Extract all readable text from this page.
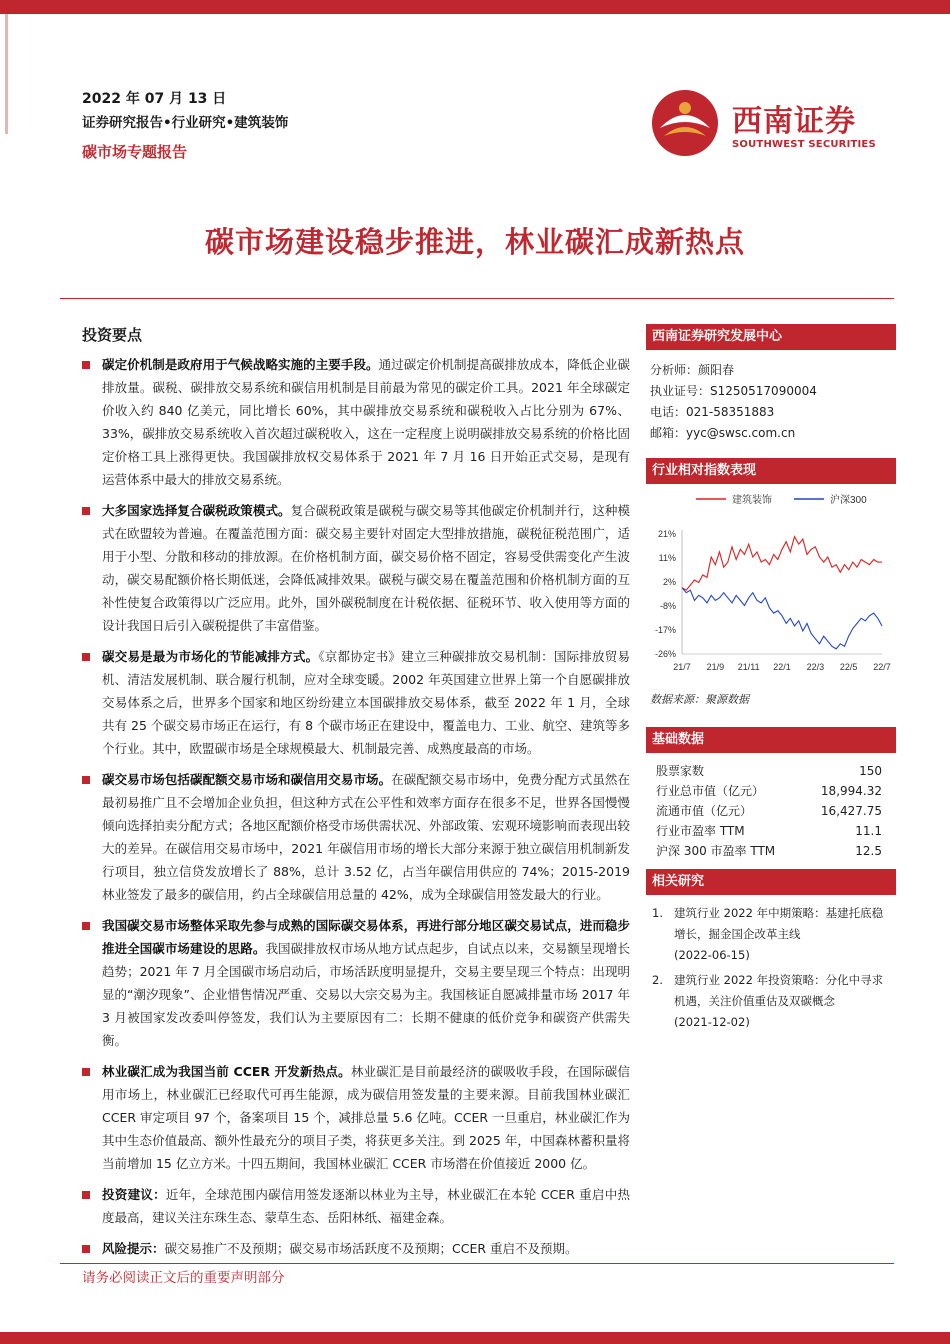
2022 年 07 月 13 日
证券研究报告•行业研究•建筑装饰
碳市场专题报告
西南证券
SOUTHWEST SECURITIES
碳市场建设稳步推进，林业碳汇成新热点
投资要点
碳定价机制是政府用于气候战略实施的主要手段。通过碳定价机制提高碳排放成本，降低企业碳排放量。碳税、碳排放交易系统和碳信用机制是目前最为常见的碳定价工具。2021 年全球碳定价收入约 840 亿美元，同比增长 60%，其中碳排放交易系统和碳税收入占比分别为 67%、33%，碳排放交易系统收入首次超过碳税收入，这在一定程度上说明碳排放交易系统的价格比固定价格工具上涨得更快。我国碳排放权交易体系于 2021 年 7 月 16 日开始正式交易，是现有运营体系中最大的排放交易系统。
大多国家选择复合碳税政策模式。复合碳税政策是碳税与碳交易等其他碳定价机制并行，这种模式在欧盟较为普遍。在覆盖范围方面：碳交易主要针对固定大型排放措施，碳税征税范围广，适用于小型、分散和移动的排放源。在价格机制方面，碳交易价格不固定，容易受供需变化产生波动，碳交易配额价格长期低迷，会降低减排效果。碳税与碳交易在覆盖范围和价格机制方面的互补性使复合政策得以广泛应用。此外，国外碳税制度在计税依据、征税环节、收入使用等方面的设计我国日后引入碳税提供了丰富借鉴。
碳交易是最为市场化的节能减排方式。《京都协定书》建立三种碳排放交易机制：国际排放贸易机、清洁发展机制、联合履行机制，应对全球变暖。2002 年英国建立世界上第一个自愿碳排放交易体系之后，世界多个国家和地区纷纷建立本国碳排放交易体系，截至 2022 年 1 月，全球共有 25 个碳交易市场正在运行，有 8 个碳市场正在建设中，覆盖电力、工业、航空、建筑等多个行业。其中，欧盟碳市场是全球规模最大、机制最完善、成熟度最高的市场。
碳交易市场包括碳配额交易市场和碳信用交易市场。在碳配额交易市场中，免费分配方式虽然在最初易推广且不会增加企业负担，但这种方式在公平性和效率方面存在很多不足，世界各国慢慢倾向选择拍卖分配方式；各地区配额价格受市场供需状况、外部政策、宏观环境影响而表现出较大的差异。在碳信用交易市场中，2021 年碳信用市场的增长大部分来源于独立碳信用机制新发行项目，独立信贷发放增长了 88%，总计 3.52 亿，占当年碳信用供应的 74%；2015-2019 林业签发了最多的碳信用，约占全球碳信用总量的 42%，成为全球碳信用签发最大的行业。
我国碳交易市场整体采取先参与成熟的国际碳交易体系，再进行部分地区碳交易试点，进而稳步推进全国碳市场建设的思路。我国碳排放权市场从地方试点起步，自试点以来，交易额呈现增长趋势；2021 年 7 月全国碳市场启动后，市场活跃度明显提升，交易主要呈现三个特点：出现明显的“潮汐现象”、企业惜售情况严重、交易以大宗交易为主。我国核证自愿减排量市场 2017 年 3 月被国家发改委叫停签发，我们认为主要原因有二：长期不健康的低价竞争和碳资产供需失衡。
林业碳汇成为我国当前 CCER 开发新热点。林业碳汇是目前最经济的碳吸收手段，在国际碳信用市场上，林业碳汇已经取代可再生能源，成为碳信用签发量的主要来源。目前我国林业碳汇 CCER 审定项目 97 个，备案项目 15 个，减排总量 5.6 亿吨。CCER 一旦重启，林业碳汇作为其中生态价值最高、额外性最充分的项目子类，将获更多关注。到 2025 年，中国森林蓄积量将当前增加 15 亿立方米。十四五期间，我国林业碳汇 CCER 市场潜在价值接近 2000 亿。
投资建议：近年，全球范围内碳信用签发逐渐以林业为主导，林业碳汇在本轮 CCER 重启中热度最高，建议关注东珠生态、蒙草生态、岳阳林纸、福建金森。
风险提示：碳交易推广不及预期；碳交易市场活跃度不及预期；CCER 重启不及预期。
西南证券研究发展中心
分析师：颜阳春
执业证号：S1250517090004
电话：021-58351883
邮箱：yyc@swsc.com.cn
行业相对指数表现
21%
11%
2%
-8%
-17%
-26%
21/7 21/9 21/11 22/1 22/3 22/5 22/7
建筑装饰	沪深300
数据来源：聚源数据
基础数据
股票家数	150
行业总市值（亿元）	18,994.32
流通市值（亿元）	16,427.75
行业市盈率 TTM	11.1
沪深 300 市盈率 TTM	12.5
相关研究
1. 建筑行业 2022 年中期策略：基建托底稳增长，掘金国企改革主线
(2022-06-15)
2. 建筑行业 2022 年投资策略：分化中寻求机遇，关注价值重估及双碳概念
(2021-12-02)
请务必阅读正文后的重要声明部分
